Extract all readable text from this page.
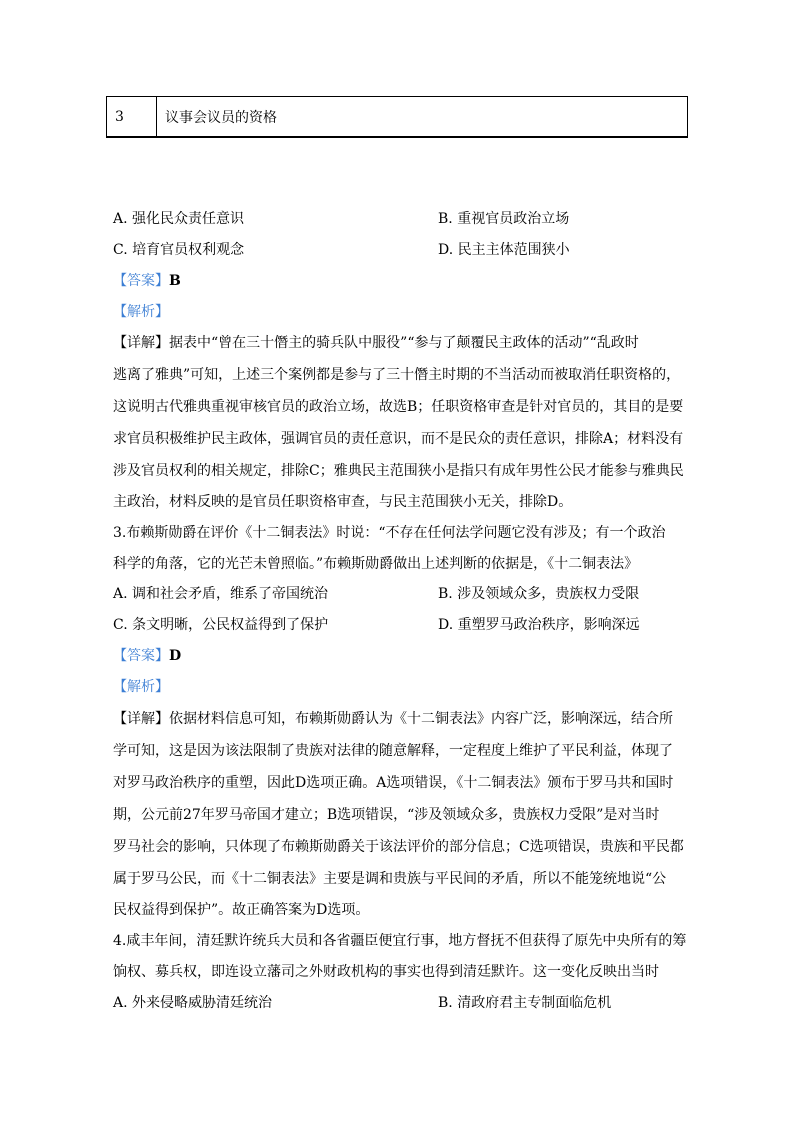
3	议事会议员的资格
A. 强化民众责任意识	B. 重视官员政治立场
C. 培育官员权利观念	D. 民主主体范围狭小
【答案】B
【解析】
【详解】据表中“曾在三十僭主的骑兵队中服役”“参与了颠覆民主政体的活动”“乱政时
逃离了雅典”可知，上述三个案例都是参与了三十僭主时期的不当活动而被取消任职资格的，
这说明古代雅典重视审核官员的政治立场，故选B；任职资格审查是针对官员的，其目的是要
求官员积极维护民主政体，强调官员的责任意识，而不是民众的责任意识，排除A；材料没有
涉及官员权利的相关规定，排除C；雅典民主范围狭小是指只有成年男性公民才能参与雅典民
主政治，材料反映的是官员任职资格审查，与民主范围狭小无关，排除D。
3.布赖斯勋爵在评价《十二铜表法》时说：“不存在任何法学问题它没有涉及；有一个政治
科学的角落，它的光芒未曾照临。”布赖斯勋爵做出上述判断的依据是，《十二铜表法》
A. 调和社会矛盾，维系了帝国统治	B. 涉及领域众多，贵族权力受限
C. 条文明晰，公民权益得到了保护	D. 重塑罗马政治秩序，影响深远
【答案】D
【解析】
【详解】依据材料信息可知，布赖斯勋爵认为《十二铜表法》内容广泛，影响深远，结合所
学可知，这是因为该法限制了贵族对法律的随意解释，一定程度上维护了平民利益，体现了
对罗马政治秩序的重塑，因此D选项正确。A选项错误，《十二铜表法》颁布于罗马共和国时
期，公元前27年罗马帝国才建立；B选项错误，“涉及领域众多，贵族权力受限”是对当时
罗马社会的影响，只体现了布赖斯勋爵关于该法评价的部分信息；C选项错误，贵族和平民都
属于罗马公民，而《十二铜表法》主要是调和贵族与平民间的矛盾，所以不能笼统地说“公
民权益得到保护”。故正确答案为D选项。
4.咸丰年间，清廷默许统兵大员和各省疆臣便宜行事，地方督抚不但获得了原先中央所有的筹
饷权、募兵权，即连设立藩司之外财政机构的事实也得到清廷默许。这一变化反映出当时
A. 外来侵略威胁清廷统治	B. 清政府君主专制面临危机
